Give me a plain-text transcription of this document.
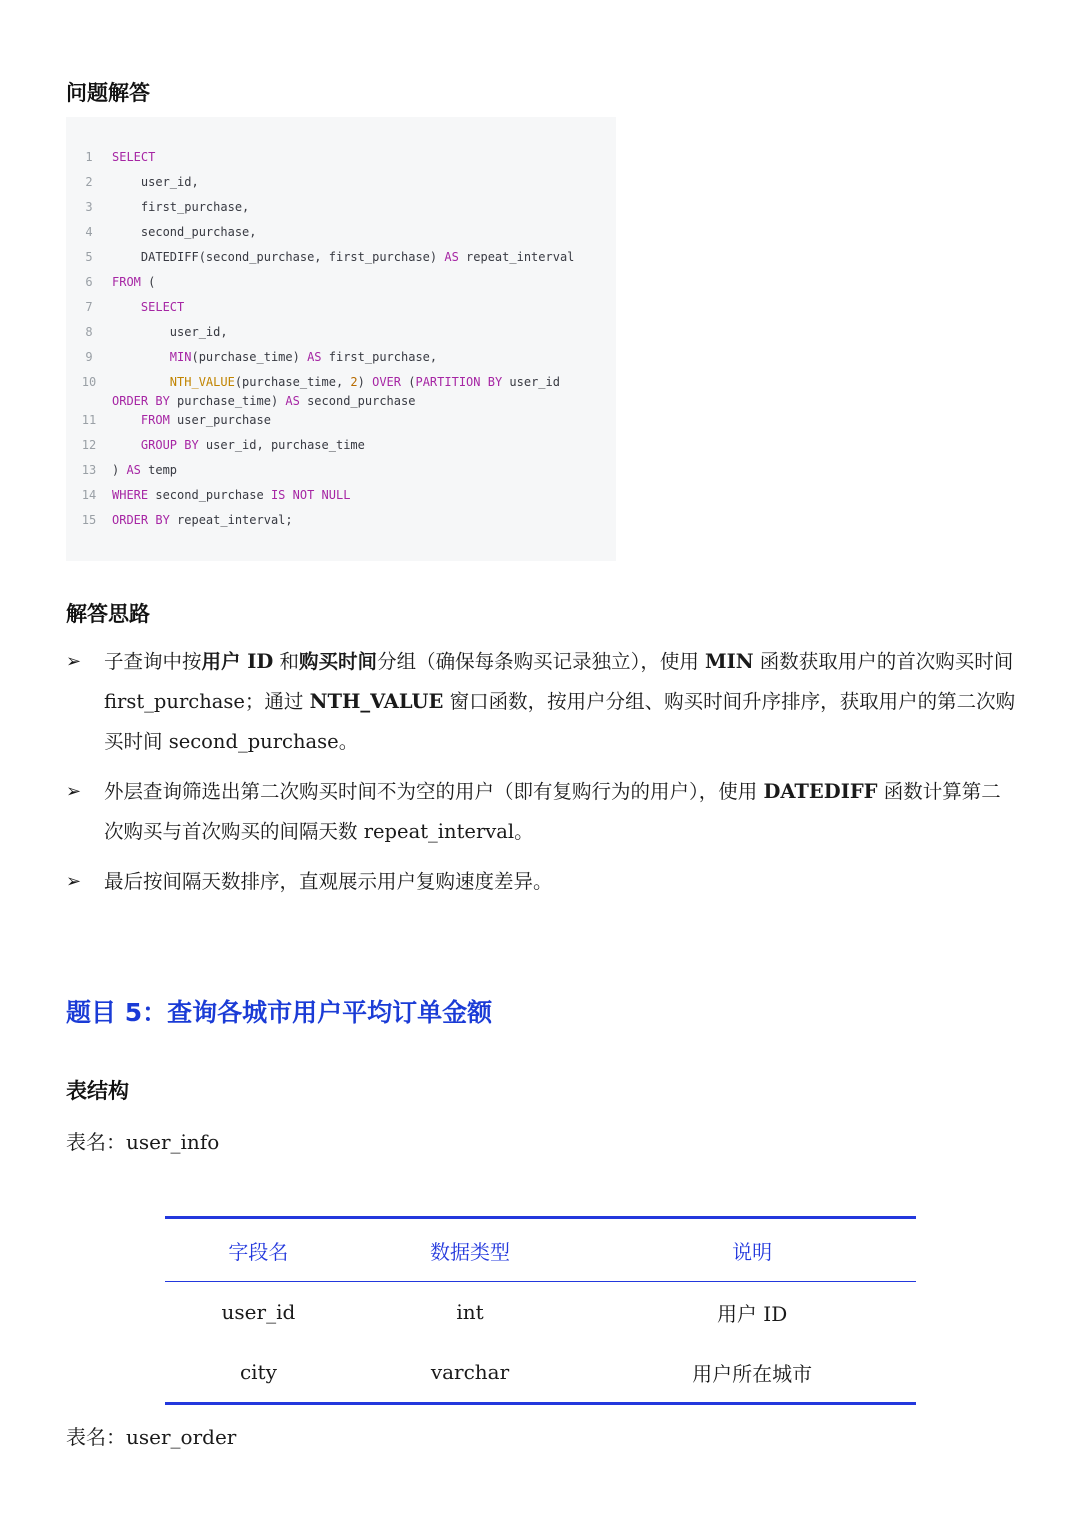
问题解答
1	SELECT
2	user_id,
3	first_purchase,
4	second_purchase,
5	DATEDIFF(second_purchase, first_purchase) AS repeat_interval
6	FROM (
7	SELECT
8	user_id,
9	MIN(purchase_time) AS first_purchase,
10	NTH_VALUE(purchase_time, 2) OVER (PARTITION BY user_id
ORDER BY purchase_time) AS second_purchase
11	FROM user_purchase
12	GROUP BY user_id, purchase_time
13	) AS temp
14	WHERE second_purchase IS NOT NULL
15	ORDER BY repeat_interval;
解答思路
➢ 子查询中按用户 ID 和购买时间分组（确保每条购买记录独立），使用 MIN 函数获取用户的首次购买时间 first_purchase；通过 NTH_VALUE 窗口函数，按用户分组、购买时间升序排序，获取用户的第二次购买时间 second_purchase。
➢ 外层查询筛选出第二次购买时间不为空的用户（即有复购行为的用户），使用 DATEDIFF 函数计算第二次购买与首次购买的间隔天数 repeat_interval。
➢ 最后按间隔天数排序，直观展示用户复购速度差异。
题目 5：查询各城市用户平均订单金额
表结构

表名：user_info

字段名	数据类型	说明
user_id	int	用户 ID
city	varchar	用户所在城市

表名：user_order
